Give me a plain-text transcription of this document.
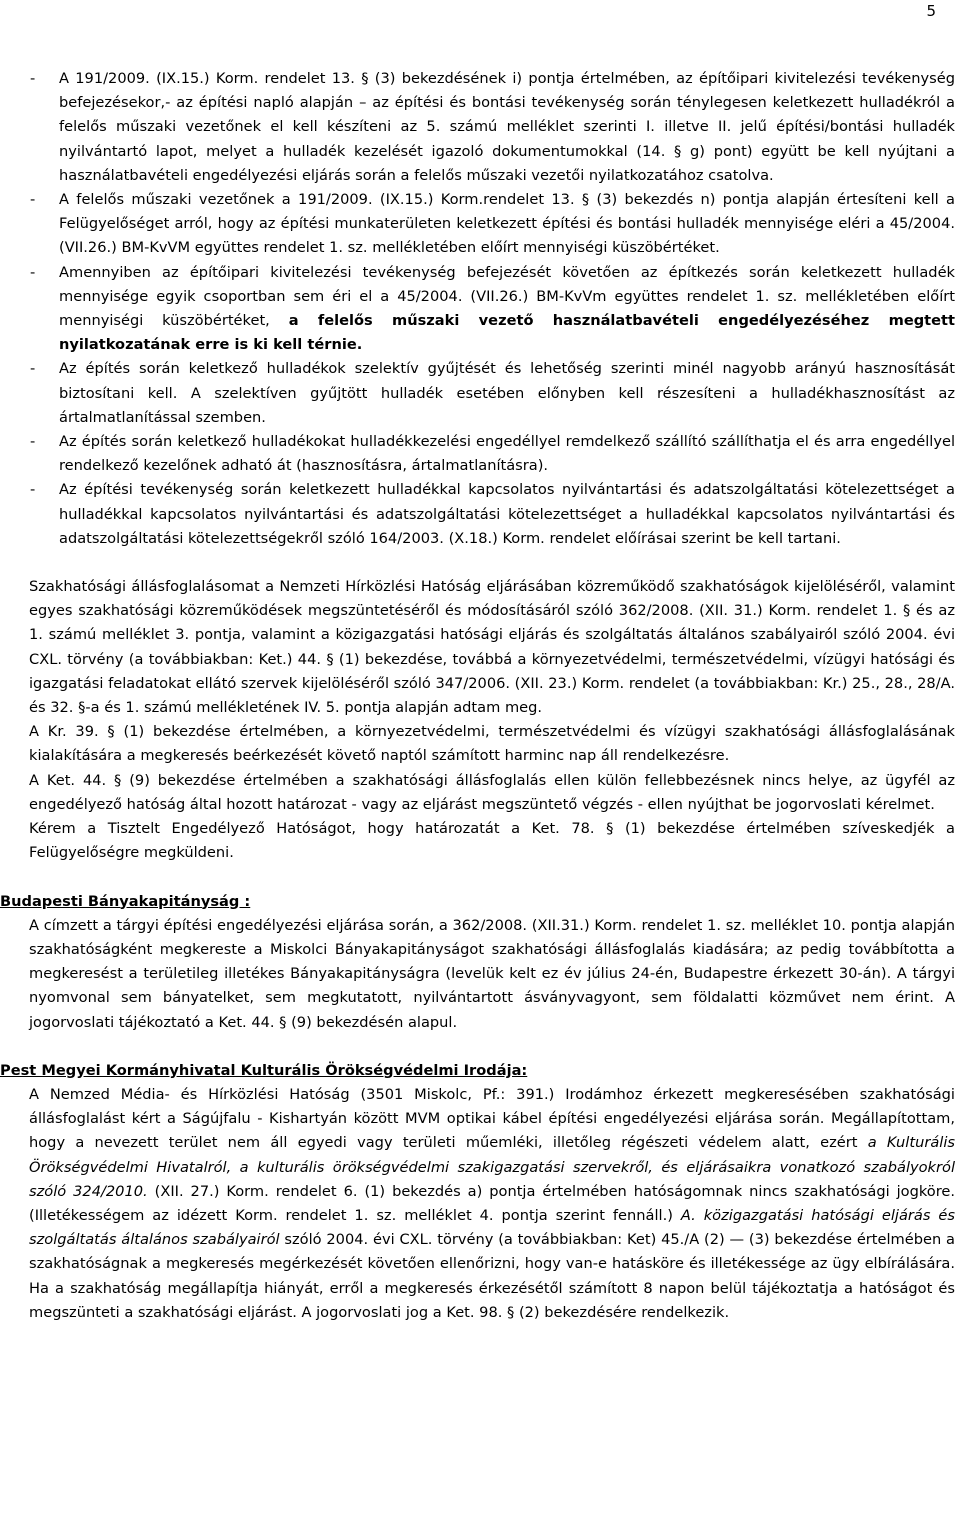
5
- A 191/2009. (IX.15.) Korm. rendelet 13. § (3) bekezdésének i) pontja értelmében, az építőipari kivitelezési tevékenység befejezésekor,- az építési napló alapján – az építési és bontási tevékenység során ténylegesen keletkezett hulladékról a felelős műszaki vezetőnek el kell készíteni az 5. számú melléklet szerinti I. illetve II. jelű építési/bontási hulladék nyilvántartó lapot, melyet a hulladék kezelését igazoló dokumentumokkal (14. § g) pont) együtt be kell nyújtani a használatbavételi engedélyezési eljárás során a felelős műszaki vezetői nyilatkozatához csatolva.
- A felelős műszaki vezetőnek a 191/2009. (IX.15.) Korm.rendelet 13. § (3) bekezdés n) pontja alapján értesíteni kell a Felügyelőséget arról, hogy az építési munkaterületen keletkezett építési és bontási hulladék mennyisége eléri a 45/2004. (VII.26.) BM-KvVM együttes rendelet 1. sz. mellékletében előírt mennyiségi küszöbértéket.
- Amennyiben az építőipari kivitelezési tevékenység befejezését követően az építkezés során keletkezett hulladék mennyisége egyik csoportban sem éri el a 45/2004. (VII.26.) BM-KvVm együttes rendelet 1. sz. mellékletében előírt mennyiségi küszöbértéket, a felelős műszaki vezető használatbavételi engedélyezéséhez megtett nyilatkozatának erre is ki kell térnie.
- Az építés során keletkező hulladékok szelektív gyűjtését és lehetőség szerinti minél nagyobb arányú hasznosítását biztosítani kell. A szelektíven gyűjtött hulladék esetében előnyben kell részesíteni a hulladékhasznosítást az ártalmatlanítással szemben.
- Az építés során keletkező hulladékokat hulladékkezelési engedéllyel remdelkező szállító szállíthatja el és arra engedéllyel rendelkező kezelőnek adható át (hasznosításra, ártalmatlanításra).
- Az építési tevékenység során keletkezett hulladékkal kapcsolatos nyilvántartási és adatszolgáltatási kötelezettséget a hulladékkal kapcsolatos nyilvántartási és adatszolgáltatási kötelezettséget a hulladékkal kapcsolatos nyilvántartási és adatszolgáltatási kötelezettségekről szóló 164/2003. (X.18.) Korm. rendelet előírásai szerint be kell tartani.
Szakhatósági állásfoglalásomat a Nemzeti Hírközlési Hatóság eljárásában közreműködő szakhatóságok kijelöléséről, valamint egyes szakhatósági közreműködések megszüntetéséről és módosításáról szóló 362/2008. (XII. 31.) Korm. rendelet 1. § és az 1. számú melléklet 3. pontja, valamint a közigazgatási hatósági eljárás és szolgáltatás általános szabályairól szóló 2004. évi CXL. törvény (a továbbiakban: Ket.) 44. § (1) bekezdése, továbbá a környezetvédelmi, természetvédelmi, vízügyi hatósági és igazgatási feladatokat ellátó szervek kijelöléséről szóló 347/2006. (XII. 23.) Korm. rendelet (a továbbiakban: Kr.) 25., 28., 28/A. és 32. §-a és 1. számú mellékletének IV. 5. pontja alapján adtam meg.
A Kr. 39. § (1) bekezdése értelmében, a környezetvédelmi, természetvédelmi és vízügyi szakhatósági állásfoglalásának kialakítására a megkeresés beérkezését követő naptól számított harminc nap áll rendelkezésre.
A Ket. 44. § (9) bekezdése értelmében a szakhatósági állásfoglalás ellen külön fellebbezésnek nincs helye, az ügyfél az engedélyező hatóság által hozott határozat - vagy az eljárást megszüntető végzés - ellen nyújthat be jogorvoslati kérelmet.
Kérem a Tisztelt Engedélyező Hatóságot, hogy határozatát a Ket. 78. § (1) bekezdése értelmében szíveskedjék a Felügyelőségre megküldeni.
Budapesti Bányakapitányság :
A címzett a tárgyi építési engedélyezési eljárása során, a 362/2008. (XII.31.) Korm. rendelet 1. sz. melléklet 10. pontja alapján szakhatóságként megkereste a Miskolci Bányakapitányságot szakhatósági állásfoglalás kiadására; az pedig továbbította a megkeresést a területileg illetékes Bányakapitányságra (levelük kelt ez év július 24-én, Budapestre érkezett 30-án). A tárgyi nyomvonal sem bányatelket, sem megkutatott, nyilvántartott ásványvagyont, sem földalatti közművet nem érint. A jogorvoslati tájékoztató a Ket. 44. § (9) bekezdésén alapul.
Pest Megyei Kormányhivatal Kulturális Örökségvédelmi Irodája:
A Nemzed Média- és Hírközlési Hatóság (3501 Miskolc, Pf.: 391.) Irodámhoz érkezett megkeresésében szakhatósági állásfoglalást kért a Ságújfalu - Kishartyán között MVM optikai kábel építési engedélyezési eljárása során. Megállapítottam, hogy a nevezett terület nem áll egyedi vagy területi műemléki, illetőleg régészeti védelem alatt, ezért a Kulturális Örökségvédelmi Hivatalról, a kulturális örökségvédelmi szakigazgatási szervekről, és eljárásaikra vonatkozó szabályokról szóló 324/2010. (XII. 27.) Korm. rendelet 6. (1) bekezdés a) pontja értelmében hatóságomnak nincs szakhatósági jogköre. (Illetékességem az idézett Korm. rendelet 1. sz. melléklet 4. pontja szerint fennáll.) A. közigazgatási hatósági eljárás és szolgáltatás általános szabályairól szóló 2004. évi CXL. törvény (a továbbiakban: Ket) 45./A (2) — (3) bekezdése értelmében a szakhatóságnak a megkeresés megérkezését követően ellenőrizni, hogy van-e hatásköre és illetékessége az ügy elbírálására. Ha a szakhatóság megállapítja hiányát, erről a megkeresés érkezésétől számított 8 napon belül tájékoztatja a hatóságot és megszünteti a szakhatósági eljárást. A jogorvoslati jog a Ket. 98. § (2) bekezdésére rendelkezik.
